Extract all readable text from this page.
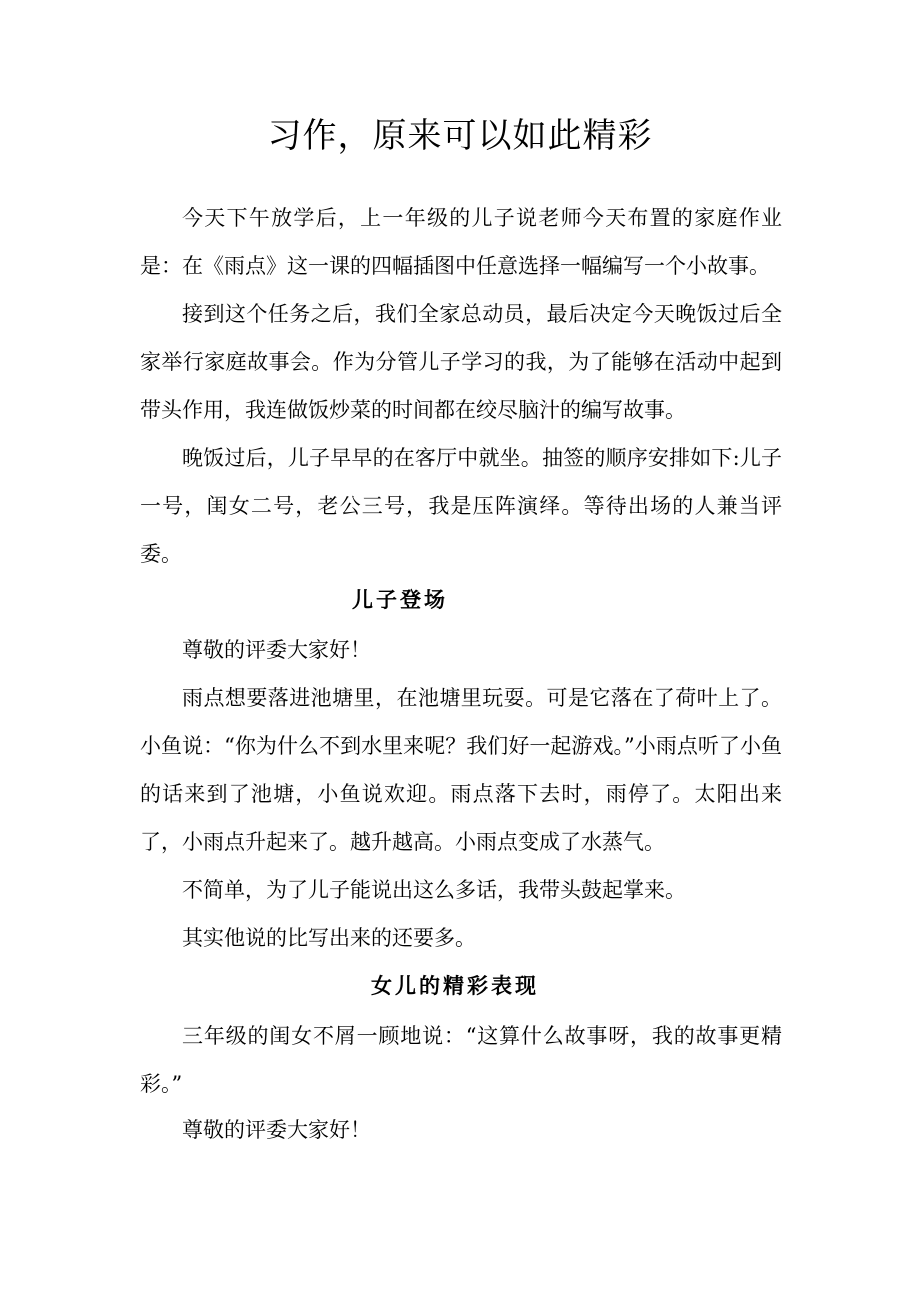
习作，原来可以如此精彩

今天下午放学后，上一年级的儿子说老师今天布置的家庭作业是：在《雨点》这一课的四幅插图中任意选择一幅编写一个小故事。

接到这个任务之后，我们全家总动员，最后决定今天晚饭过后全家举行家庭故事会。作为分管儿子学习的我，为了能够在活动中起到带头作用，我连做饭炒菜的时间都在绞尽脑汁的编写故事。

晚饭过后，儿子早早的在客厅中就坐。抽签的顺序安排如下:儿子一号，闺女二号，老公三号，我是压阵演绎。等待出场的人兼当评委。

儿子登场

尊敬的评委大家好！

雨点想要落进池塘里，在池塘里玩耍。可是它落在了荷叶上了。小鱼说：“你为什么不到水里来呢？我们好一起游戏。”小雨点听了小鱼的话来到了池塘，小鱼说欢迎。雨点落下去时，雨停了。太阳出来了，小雨点升起来了。越升越高。小雨点变成了水蒸气。

不简单，为了儿子能说出这么多话，我带头鼓起掌来。

其实他说的比写出来的还要多。

女儿的精彩表现

三年级的闺女不屑一顾地说：“这算什么故事呀，我的故事更精彩。”

尊敬的评委大家好！
